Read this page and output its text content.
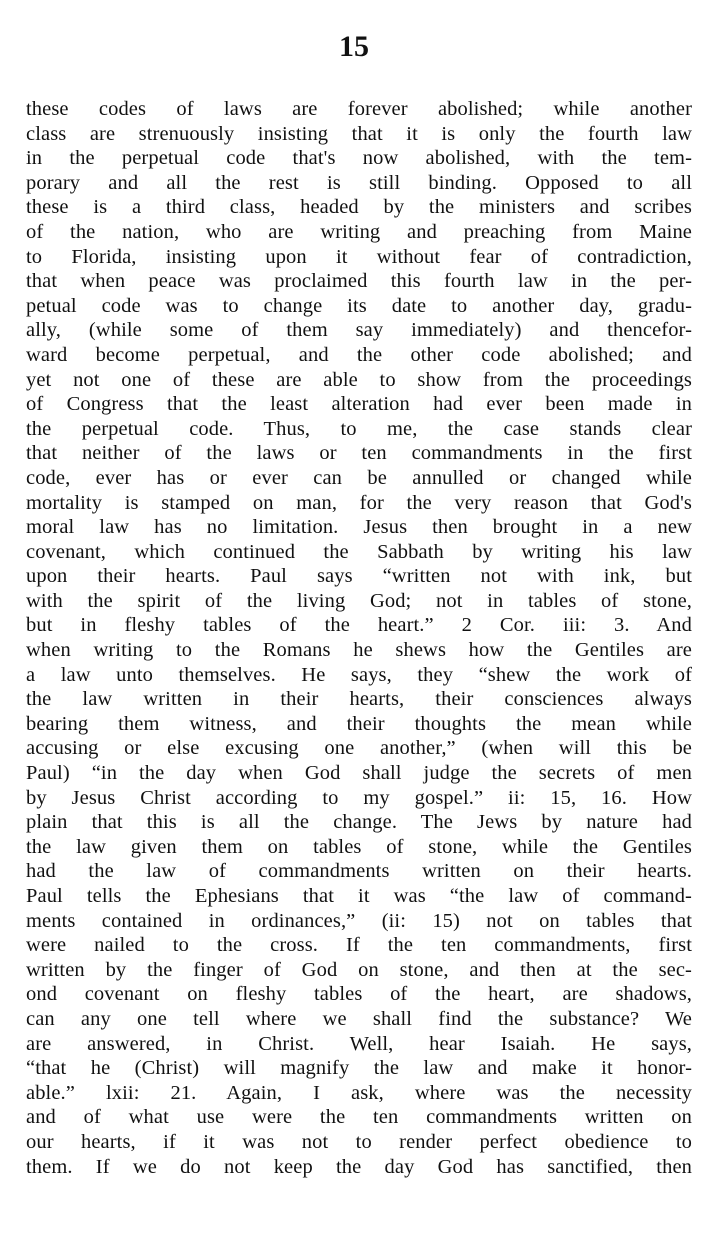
15
these codes of laws are forever abolished; while another
class are strenuously insisting that it is only the fourth law
in the perpetual code that's now abolished, with the tem-
porary and all the rest is still binding. Opposed to all
these is a third class, headed by the ministers and scribes
of the nation, who are writing and preaching from Maine
to Florida, insisting upon it without fear of contradiction,
that when peace was proclaimed this fourth law in the per-
petual code was to change its date to another day, gradu-
ally, (while some of them say immediately) and thencefor-
ward become perpetual, and the other code abolished; and
yet not one of these are able to show from the proceedings
of Congress that the least alteration had ever been made in
the perpetual code. Thus, to me, the case stands clear
that neither of the laws or ten commandments in the first
code, ever has or ever can be annulled or changed while
mortality is stamped on man, for the very reason that God's
moral law has no limitation. Jesus then brought in a new
covenant, which continued the Sabbath by writing his law
upon their hearts. Paul says “written not with ink, but
with the spirit of the living God; not in tables of stone,
but in fleshy tables of the heart.” 2 Cor. iii: 3. And
when writing to the Romans he shews how the Gentiles are
a law unto themselves. He says, they “shew the work of
the law written in their hearts, their consciences always
bearing them witness, and their thoughts the mean while
accusing or else excusing one another,” (when will this be
Paul) “in the day when God shall judge the secrets of men
by Jesus Christ according to my gospel.” ii: 15, 16. How
plain that this is all the change. The Jews by nature had
the law given them on tables of stone, while the Gentiles
had the law of commandments written on their hearts.
Paul tells the Ephesians that it was “the law of command-
ments contained in ordinances,” (ii: 15) not on tables that
were nailed to the cross. If the ten commandments, first
written by the finger of God on stone, and then at the sec-
ond covenant on fleshy tables of the heart, are shadows,
can any one tell where we shall find the substance? We
are answered, in Christ. Well, hear Isaiah. He says,
“that he (Christ) will magnify the law and make it honor-
able.” lxii: 21. Again, I ask, where was the necessity
and of what use were the ten commandments written on
our hearts, if it was not to render perfect obedience to
them. If we do not keep the day God has sanctified, then
